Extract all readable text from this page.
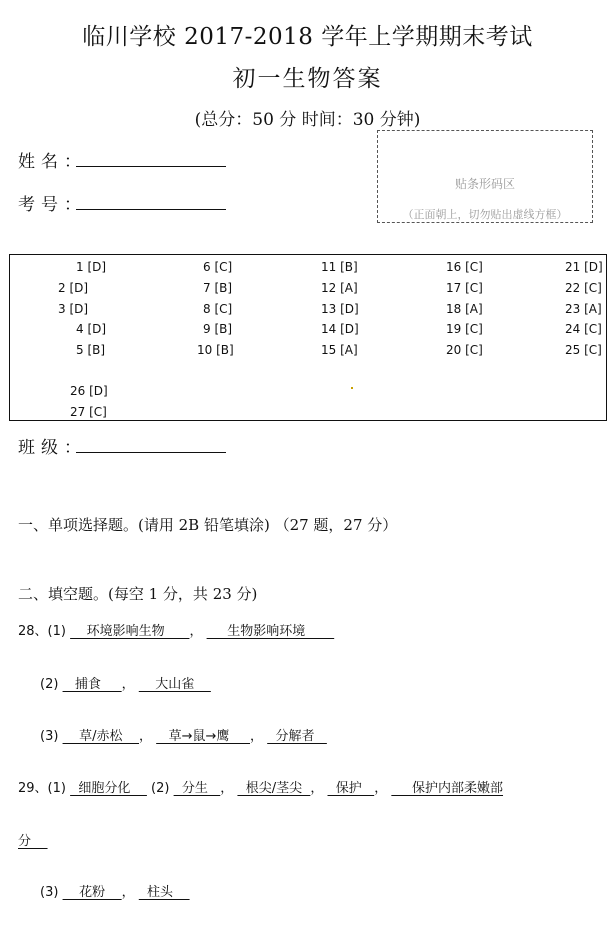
临川学校 2017-2018 学年上学期期末考试
初一生物答案
(总分：50 分 时间：30 分钟)
姓名：
考号：
贴条形码区
（正面朝上，切勿贴出虚线方框）
1 [D]
2 [D]
3 [D]
4 [D]
5 [B]
26 [D]
27 [C]
6 [C]
7 [B]
8 [C]
9 [B]
10 [B]
11 [B]
12 [A]
13 [D]
14 [D]
15 [A]
16 [C]
17 [C]
18 [A]
19 [C]
20 [C]
21 [D]
22 [C]
23 [A]
24 [C]
25 [C]
班级：
一、单项选择题。(请用 2B 铅笔填涂) （27 题，27 分）
二、填空题。(每空 1 分，共 23 分)
28、(1)     环境影响生物      ，      生物影响环境
(2)    捕食     ，     大山雀
(3)     草/赤松    ，    草→鼠→鹰     ，   分解者
29、(1)   细胞分化     (2)   分生   ，   根尖/茎尖  ，   保护   ，      保护内部柔嫩部
分
(3)     花粉    ，   柱头
